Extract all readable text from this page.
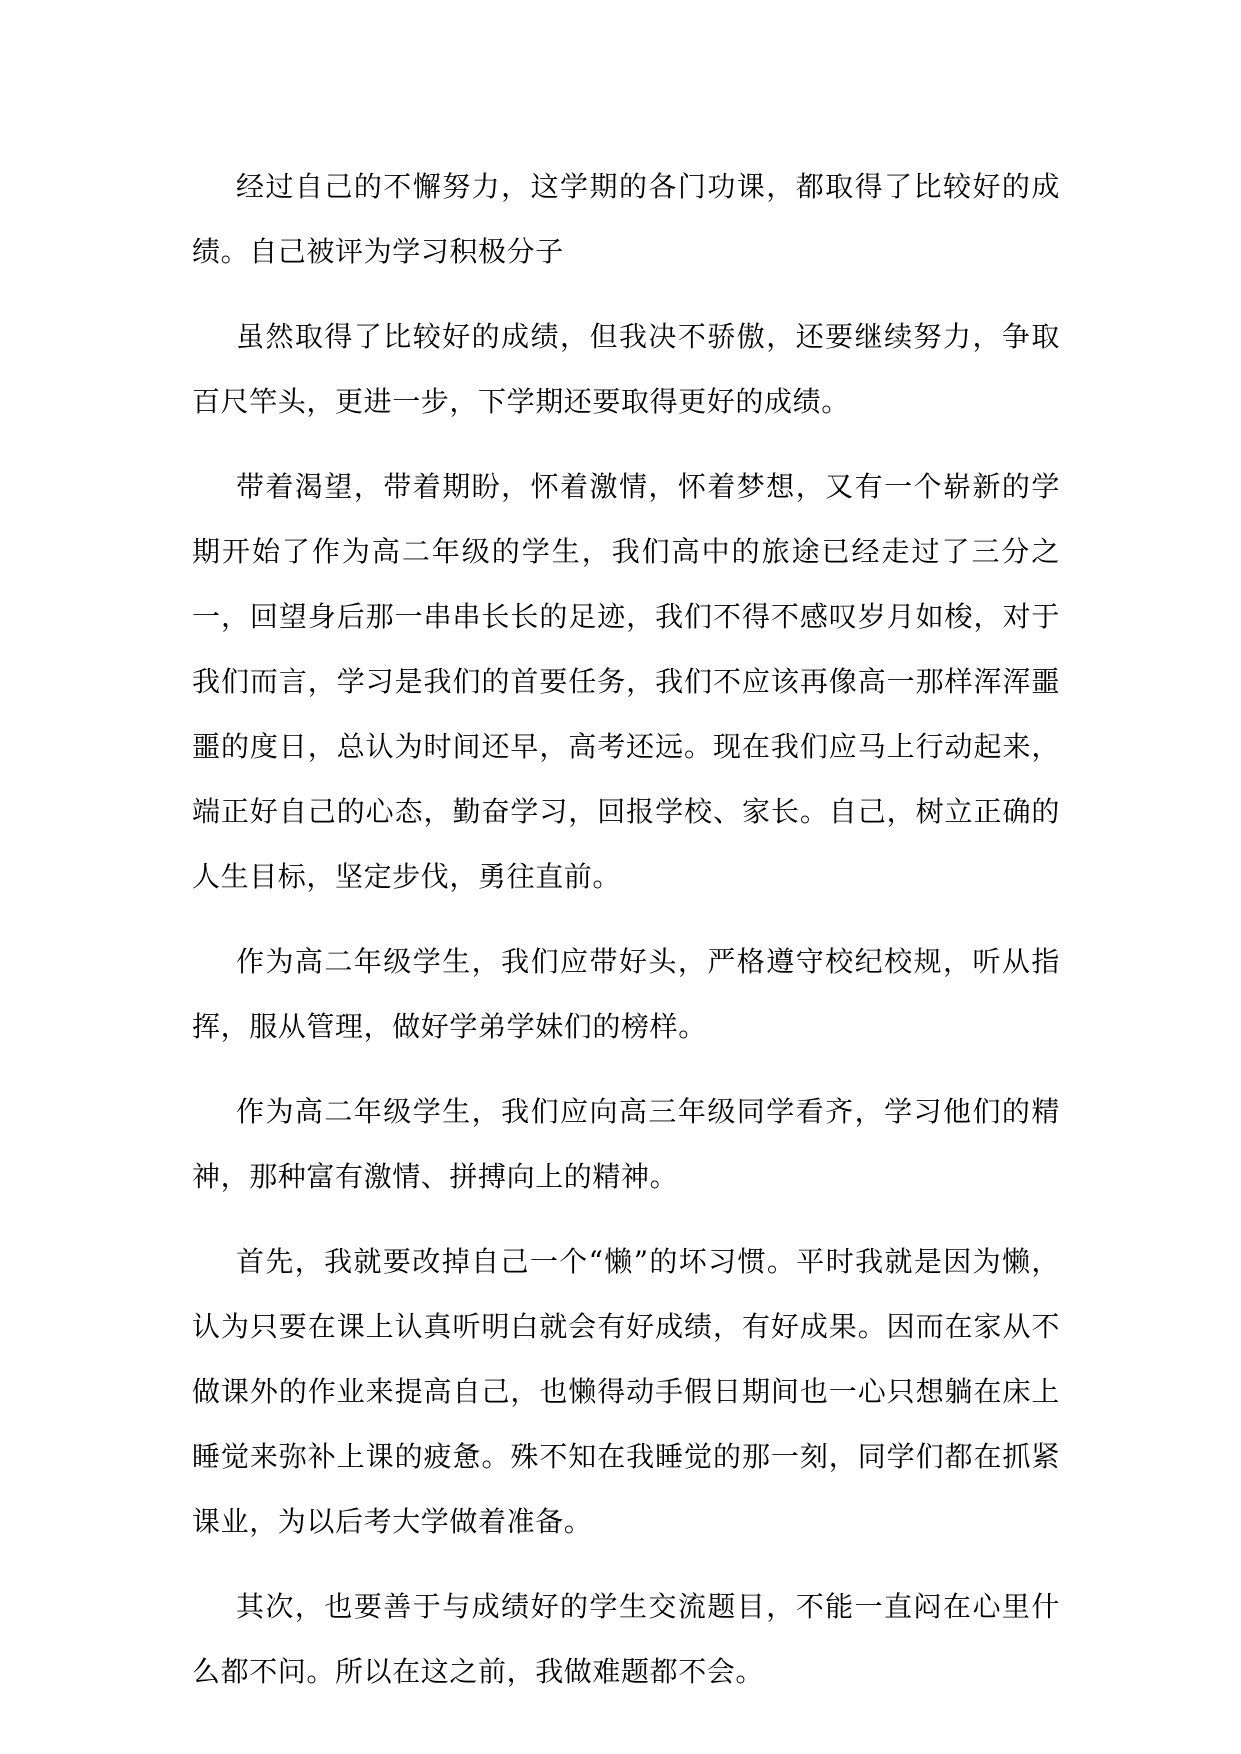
经过自己的不懈努力，这学期的各门功课，都取得了比较好的成绩。自己被评为学习积极分子

虽然取得了比较好的成绩，但我决不骄傲，还要继续努力，争取百尺竿头，更进一步，下学期还要取得更好的成绩。

带着渴望，带着期盼，怀着激情，怀着梦想，又有一个崭新的学期开始了作为高二年级的学生，我们高中的旅途已经走过了三分之一，回望身后那一串串长长的足迹，我们不得不感叹岁月如梭，对于我们而言，学习是我们的首要任务，我们不应该再像高一那样浑浑噩噩的度日，总认为时间还早，高考还远。现在我们应马上行动起来，端正好自己的心态，勤奋学习，回报学校、家长。自己，树立正确的人生目标，坚定步伐，勇往直前。

作为高二年级学生，我们应带好头，严格遵守校纪校规，听从指挥，服从管理，做好学弟学妹们的榜样。

作为高二年级学生，我们应向高三年级同学看齐，学习他们的精神，那种富有激情、拼搏向上的精神。

首先，我就要改掉自己一个“懒”的坏习惯。平时我就是因为懒，认为只要在课上认真听明白就会有好成绩，有好成果。因而在家从不做课外的作业来提高自己，也懒得动手假日期间也一心只想躺在床上睡觉来弥补上课的疲惫。殊不知在我睡觉的那一刻，同学们都在抓紧课业，为以后考大学做着准备。

其次，也要善于与成绩好的学生交流题目，不能一直闷在心里什么都不问。所以在这之前，我做难题都不会。
